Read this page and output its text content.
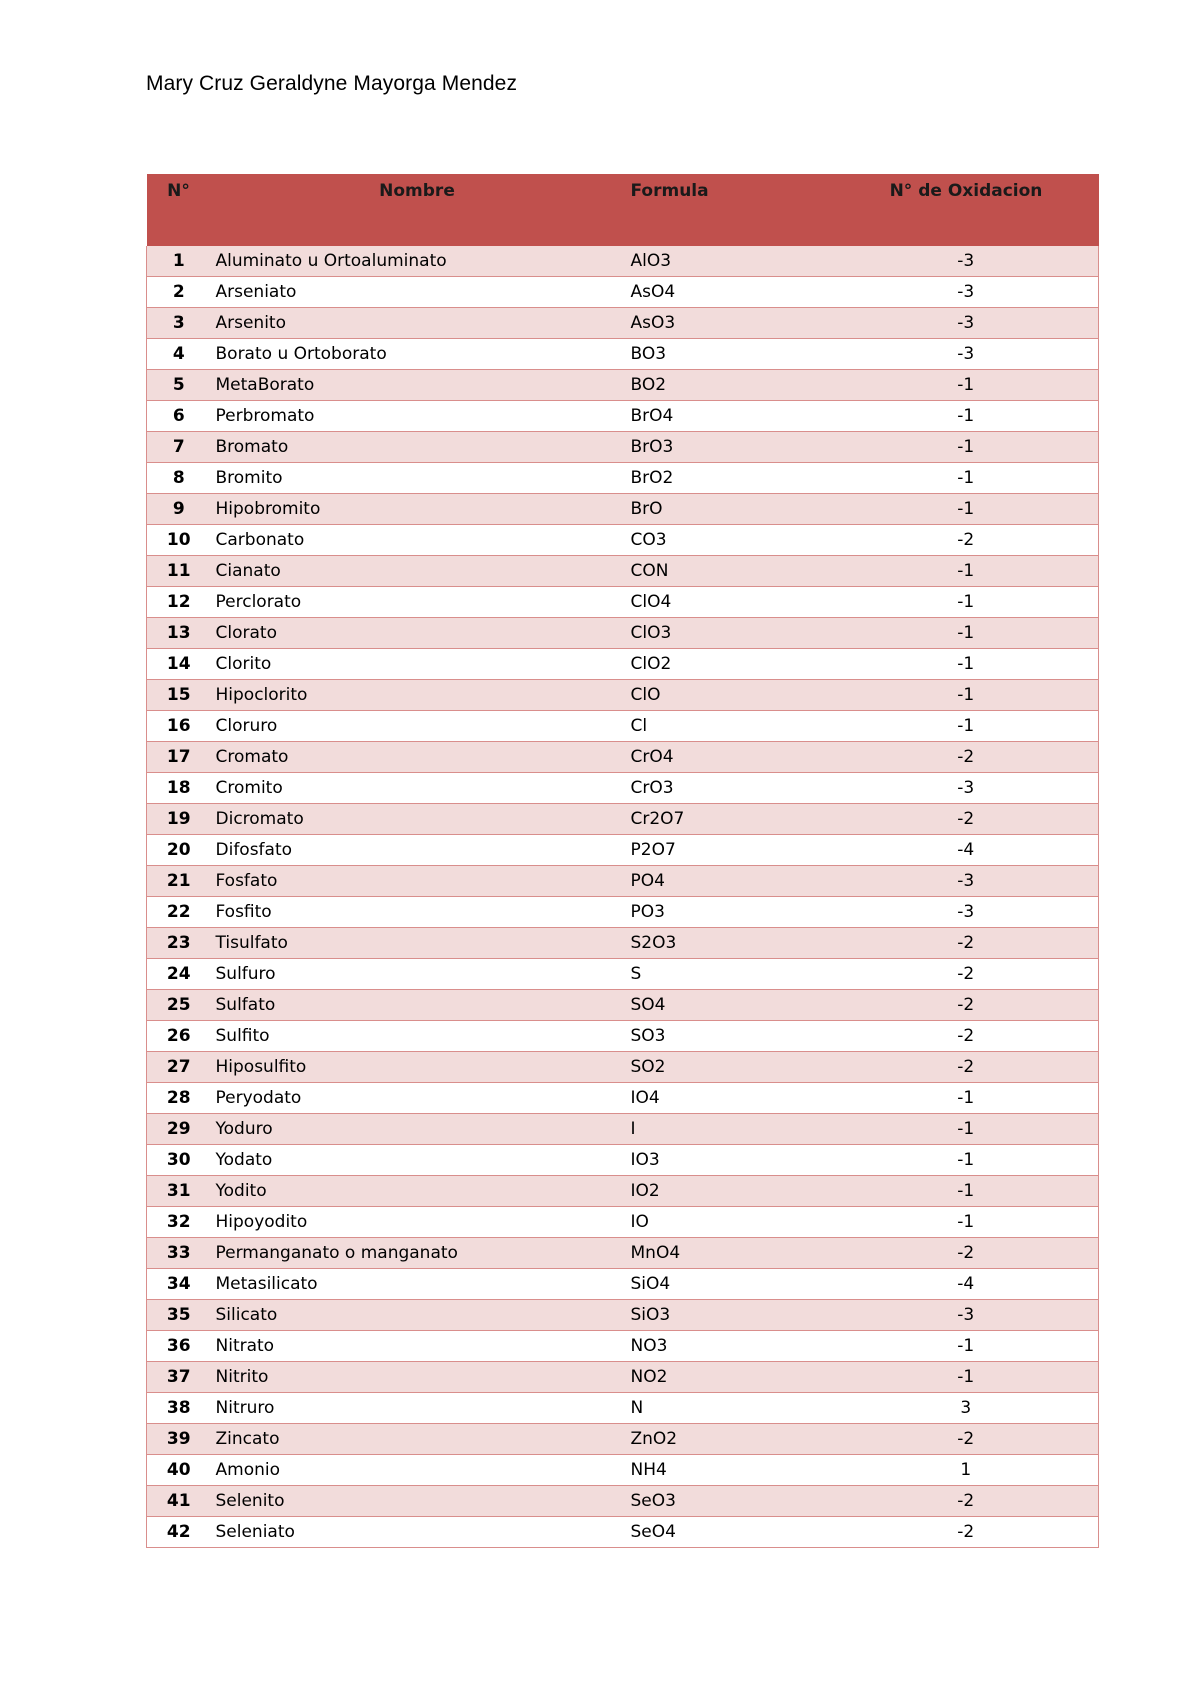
Mary Cruz Geraldyne Mayorga Mendez
N°	Nombre	Formula	N° de Oxidacion
1	Aluminato u Ortoaluminato	AlO3	-3
2	Arseniato	AsO4	-3
3	Arsenito	AsO3	-3
4	Borato u Ortoborato	BO3	-3
5	MetaBorato	BO2	-1
6	Perbromato	BrO4	-1
7	Bromato	BrO3	-1
8	Bromito	BrO2	-1
9	Hipobromito	BrO	-1
10	Carbonato	CO3	-2
11	Cianato	CON	-1
12	Perclorato	ClO4	-1
13	Clorato	ClO3	-1
14	Clorito	ClO2	-1
15	Hipoclorito	ClO	-1
16	Cloruro	Cl	-1
17	Cromato	CrO4	-2
18	Cromito	CrO3	-3
19	Dicromato	Cr2O7	-2
20	Difosfato	P2O7	-4
21	Fosfato	PO4	-3
22	Fosfito	PO3	-3
23	Tisulfato	S2O3	-2
24	Sulfuro	S	-2
25	Sulfato	SO4	-2
26	Sulfito	SO3	-2
27	Hiposulfito	SO2	-2
28	Peryodato	IO4	-1
29	Yoduro	I	-1
30	Yodato	IO3	-1
31	Yodito	IO2	-1
32	Hipoyodito	IO	-1
33	Permanganato o manganato	MnO4	-2
34	Metasilicato	SiO4	-4
35	Silicato	SiO3	-3
36	Nitrato	NO3	-1
37	Nitrito	NO2	-1
38	Nitruro	N	3
39	Zincato	ZnO2	-2
40	Amonio	NH4	1
41	Selenito	SeO3	-2
42	Seleniato	SeO4	-2
